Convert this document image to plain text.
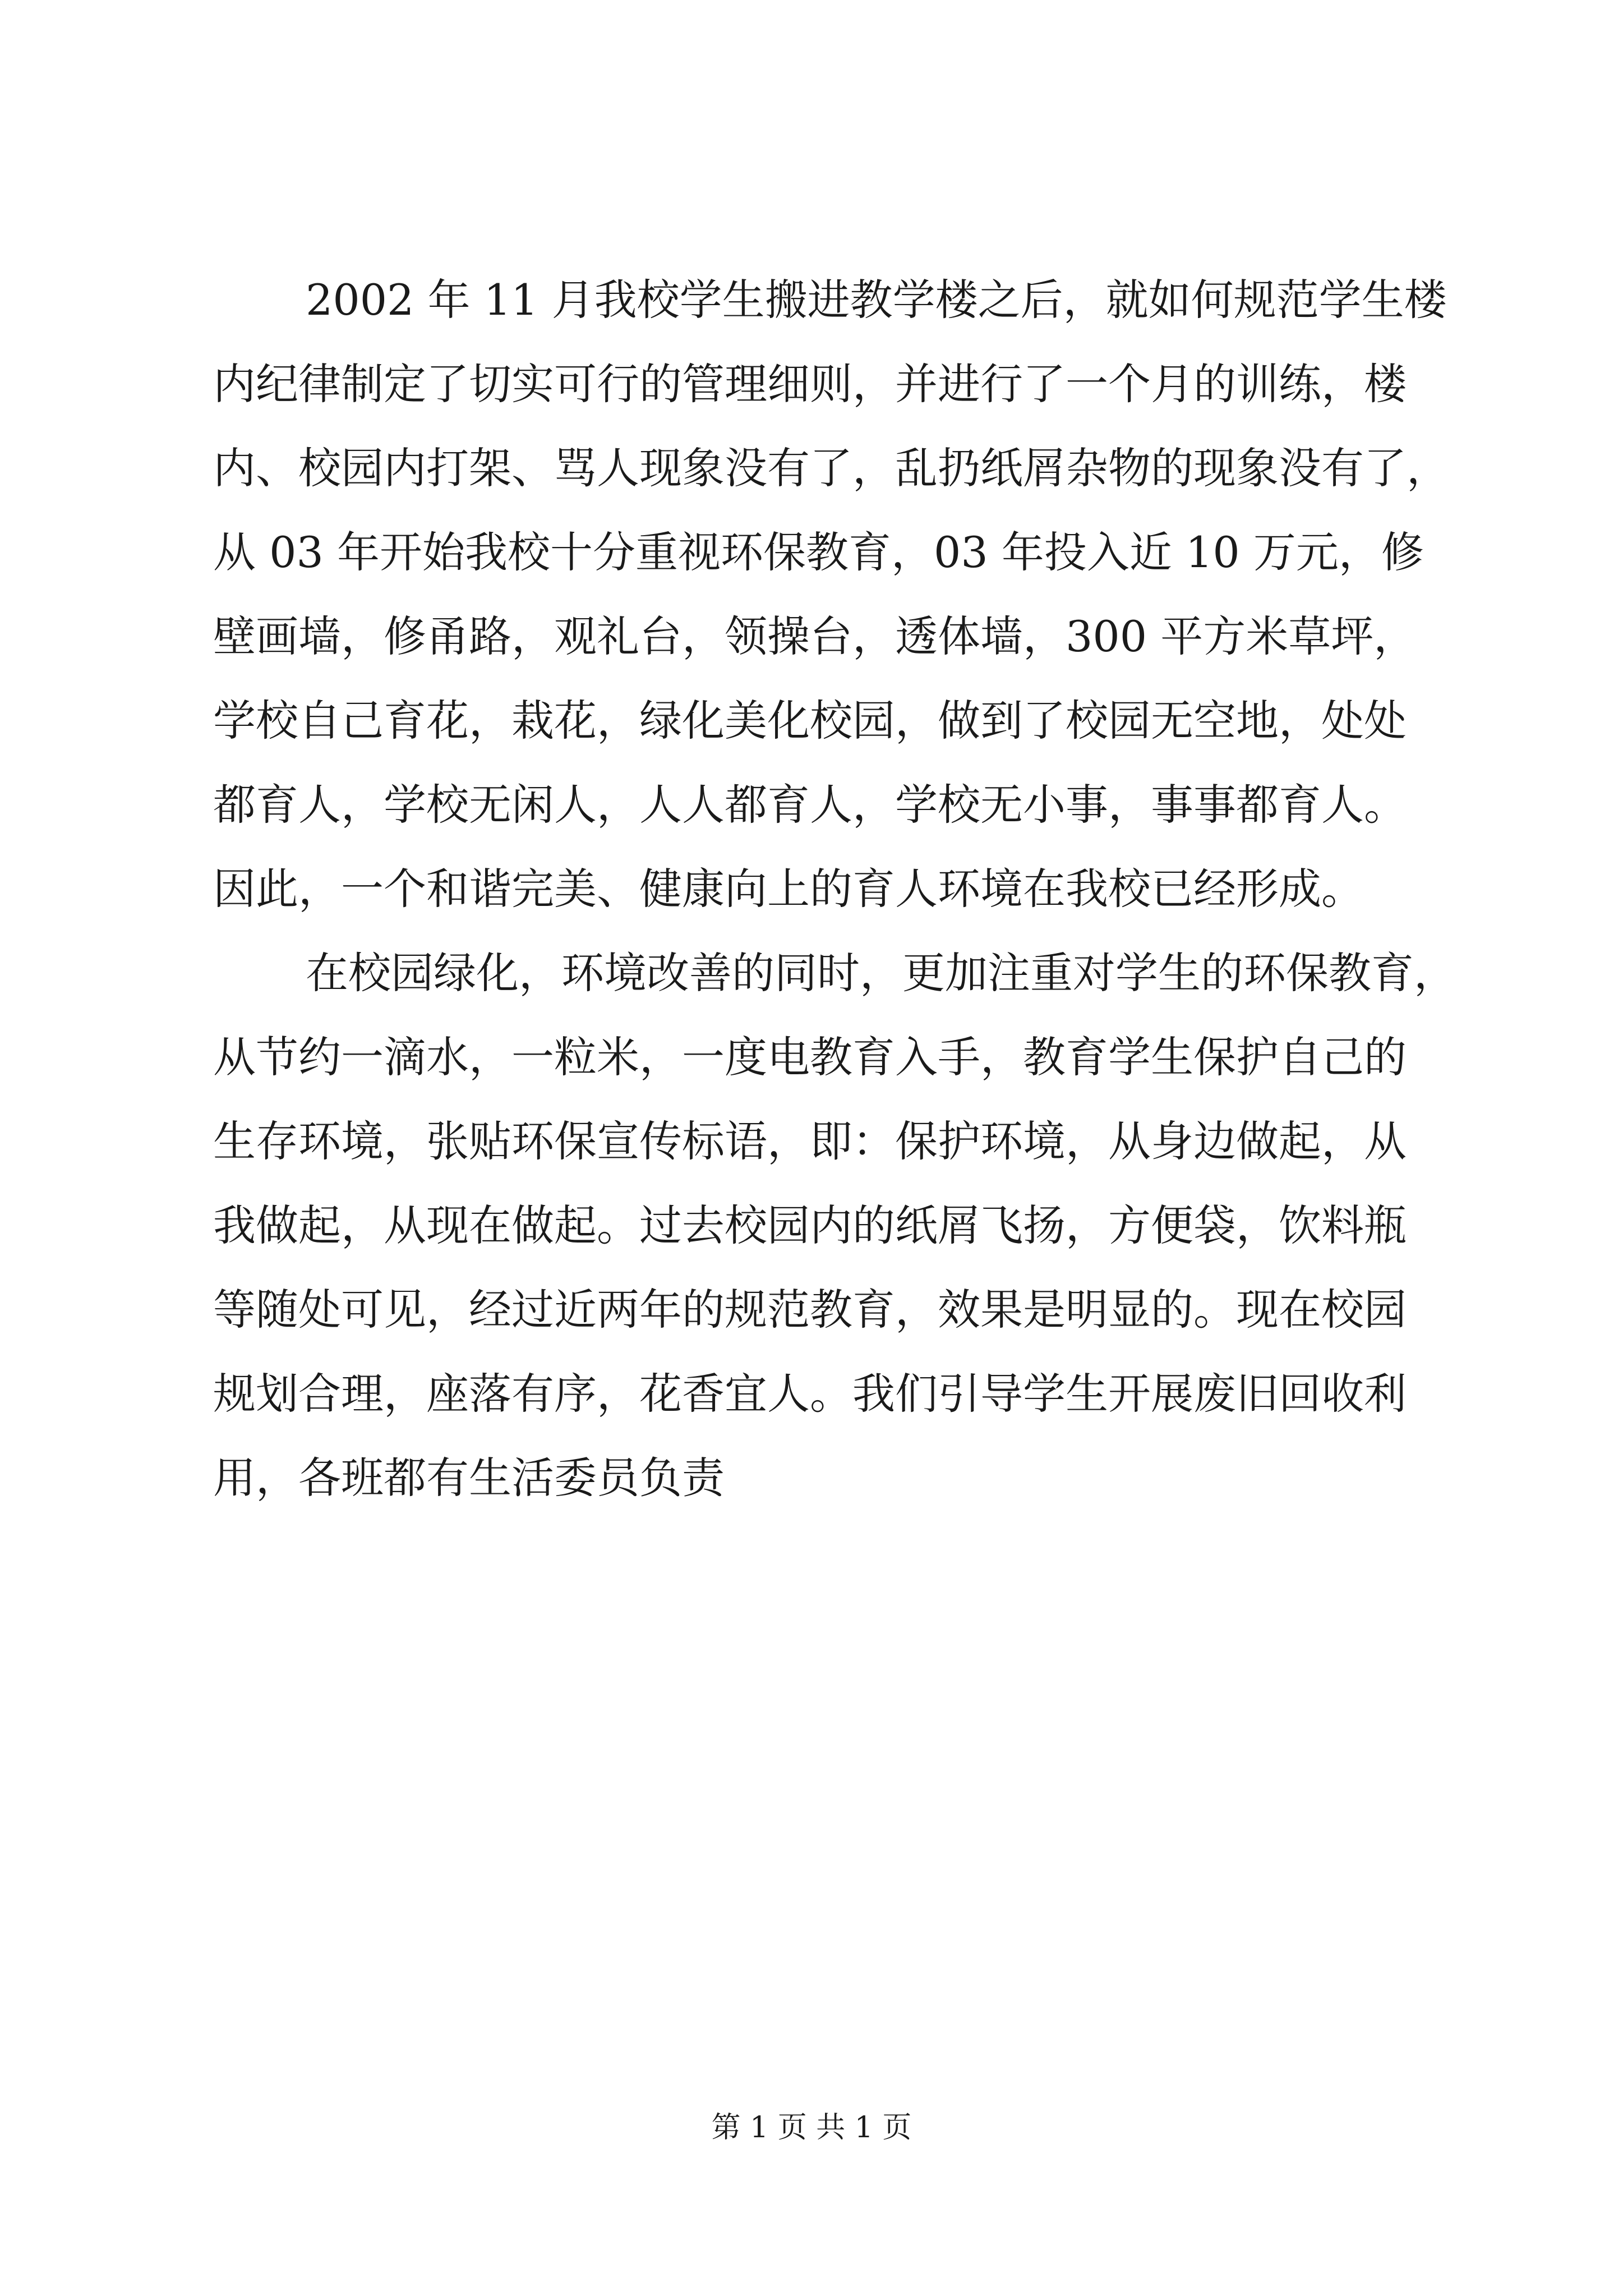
2002 年 11 月我校学生搬进教学楼之后，就如何规范学生楼
内纪律制定了切实可行的管理细则，并进行了一个月的训练，楼
内、校园内打架、骂人现象没有了，乱扔纸屑杂物的现象没有了，
从 03 年开始我校十分重视环保教育，03 年投入近 10 万元，修
壁画墙，修甬路，观礼台，领操台，透体墙，300 平方米草坪，
学校自己育花，栽花，绿化美化校园，做到了校园无空地，处处
都育人，学校无闲人，人人都育人，学校无小事，事事都育人。
因此，一个和谐完美、健康向上的育人环境在我校已经形成。
在校园绿化，环境改善的同时，更加注重对学生的环保教育，
从节约一滴水，一粒米，一度电教育入手，教育学生保护自己的
生存环境，张贴环保宣传标语，即：保护环境，从身边做起，从
我做起，从现在做起。过去校园内的纸屑飞扬，方便袋，饮料瓶
等随处可见，经过近两年的规范教育，效果是明显的。现在校园
规划合理，座落有序，花香宜人。我们引导学生开展废旧回收利
用，各班都有生活委员负责
第 1 页 共 1 页
